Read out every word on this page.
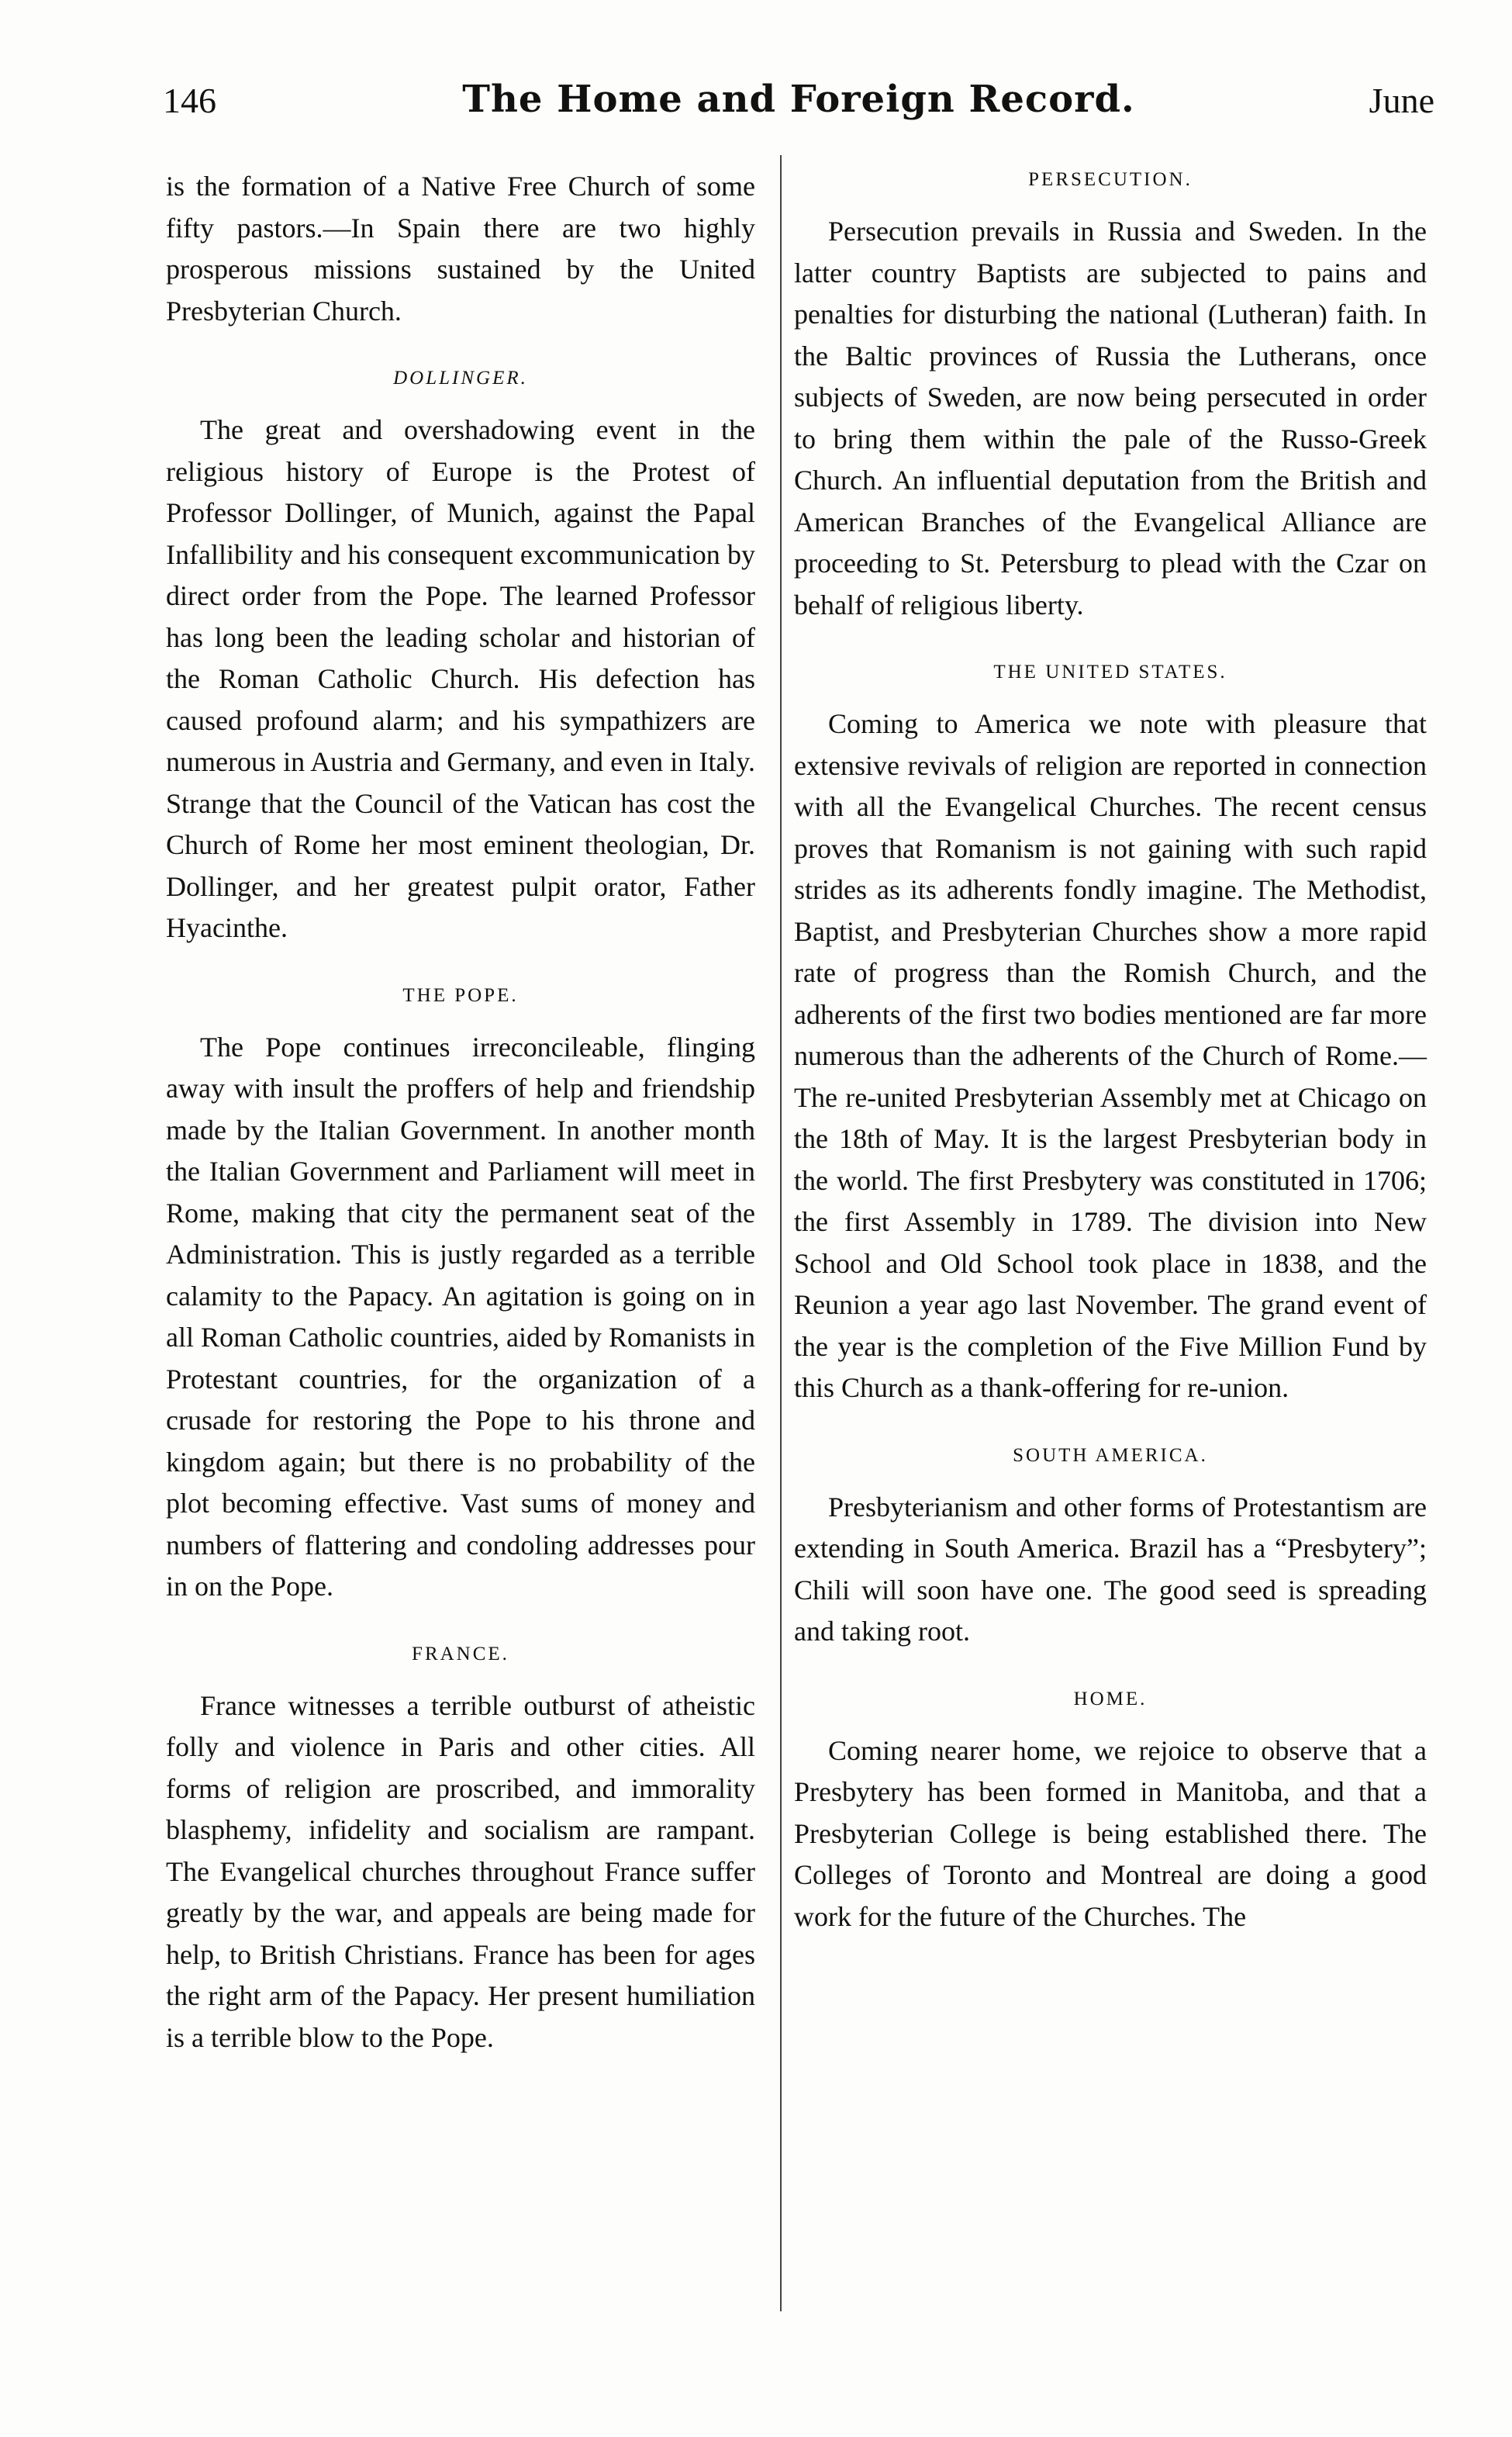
146	The Home and Foreign Record.	June

is the formation of a Native Free Church of some fifty pastors.—In Spain there are two highly prosperous missions sustained by the United Presbyterian Church.

DOLLINGER.

The great and overshadowing event in the religious history of Europe is the Protest of Professor Dollinger, of Munich, against the Papal Infallibility and his consequent excommunication by direct order from the Pope. The learned Professor has long been the leading scholar and historian of the Roman Catholic Church. His defection has caused profound alarm; and his sympathizers are numerous in Austria and Germany, and even in Italy. Strange that the Council of the Vatican has cost the Church of Rome her most eminent theologian, Dr. Dollinger, and her greatest pulpit orator, Father Hyacinthe.

THE POPE.

The Pope continues irreconcileable, flinging away with insult the proffers of help and friendship made by the Italian Government. In another month the Italian Government and Parliament will meet in Rome, making that city the permanent seat of the Administration. This is justly regarded as a terrible calamity to the Papacy. An agitation is going on in all Roman Catholic countries, aided by Romanists in Protestant countries, for the organization of a crusade for restoring the Pope to his throne and kingdom again; but there is no probability of the plot becoming effective. Vast sums of money and numbers of flattering and condoling addresses pour in on the Pope.

FRANCE.

France witnesses a terrible outburst of atheistic folly and violence in Paris and other cities. All forms of religion are proscribed, and immorality blasphemy, infidelity and socialism are rampant. The Evangelical churches throughout France suffer greatly by the war, and appeals are being made for help, to British Christians. France has been for ages the right arm of the Papacy. Her present humiliation is a terrible blow to the Pope.

PERSECUTION.

Persecution prevails in Russia and Sweden. In the latter country Baptists are subjected to pains and penalties for disturbing the national (Lutheran) faith. In the Baltic provinces of Russia the Lutherans, once subjects of Sweden, are now being persecuted in order to bring them within the pale of the Russo-Greek Church. An influential deputation from the British and American Branches of the Evangelical Alliance are proceeding to St. Petersburg to plead with the Czar on behalf of religious liberty.

THE UNITED STATES.

Coming to America we note with pleasure that extensive revivals of religion are reported in connection with all the Evangelical Churches. The recent census proves that Romanism is not gaining with such rapid strides as its adherents fondly imagine. The Methodist, Baptist, and Presbyterian Churches show a more rapid rate of progress than the Romish Church, and the adherents of the first two bodies mentioned are far more numerous than the adherents of the Church of Rome.—The re-united Presbyterian Assembly met at Chicago on the 18th of May. It is the largest Presbyterian body in the world. The first Presbytery was constituted in 1706; the first Assembly in 1789. The division into New School and Old School took place in 1838, and the Reunion a year ago last November. The grand event of the year is the completion of the Five Million Fund by this Church as a thank-offering for re-union.

SOUTH AMERICA.

Presbyterianism and other forms of Protestantism are extending in South America. Brazil has a “Presbytery”; Chili will soon have one. The good seed is spreading and taking root.

HOME.

Coming nearer home, we rejoice to observe that a Presbytery has been formed in Manitoba, and that a Presbyterian College is being established there. The Colleges of Toronto and Montreal are doing a good work for the future of the Churches. The
